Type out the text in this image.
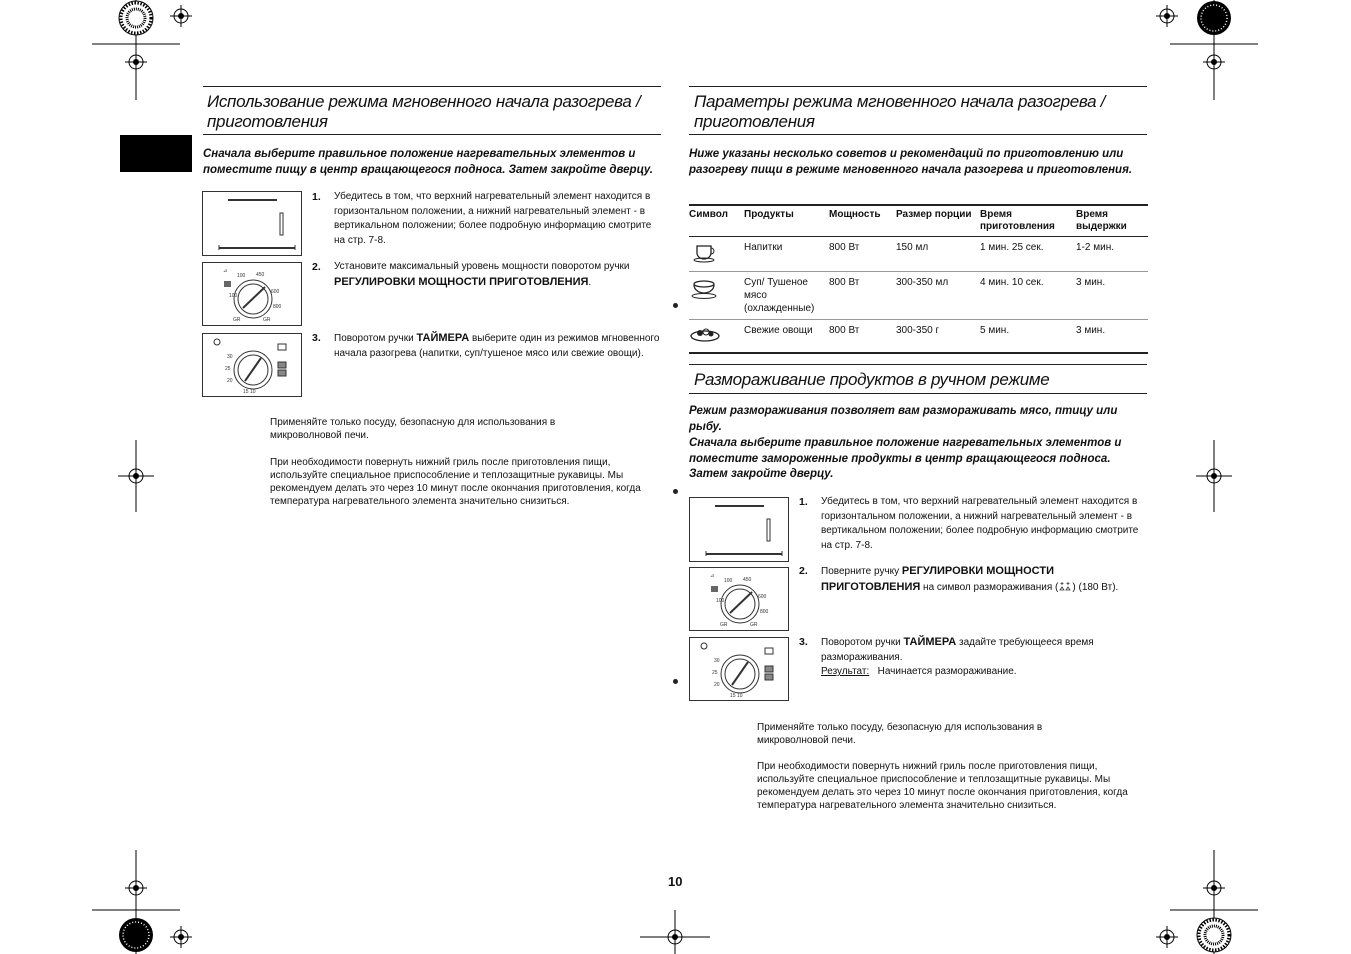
Использование режима мгновенного начала разогрева / приготовления
Сначала выберите правильное положение нагревательных элементов и поместите пищу в центр вращающегося подноса. Затем закройте дверцу.
⊿
100 450
100
600
800
GR	GR
30
25
20
15 10
1. Убедитесь в том, что верхний нагревательный элемент находится в горизонтальном положении, а нижний нагревательный элемент - в вертикальном положении; более подробную информацию смотрите на стр. 7-8.
2. Установите максимальный уровень мощности поворотом ручки РЕГУЛИРОВКИ МОЩНОСТИ ПРИГОТОВЛЕНИЯ.
3. Поворотом ручки ТАЙМЕРА выберите один из режимов мгновенного начала разогрева (напитки, суп/тушеное мясо или свежие овощи).
Применяйте только посуду, безопасную для использования в микроволновой печи.
При необходимости повернуть нижний гриль после приготовления пищи, используйте специальное приспособление и теплозащитные рукавицы. Мы рекомендуем делать это через 10 минут после окончания приготовления, когда температура нагревательного элемента значительно снизиться.
Параметры режима мгновенного начала разогрева / приготовления
Ниже указаны несколько советов и рекомендаций по приготовлению или разогреву пищи в режиме мгновенного начала разогрева и приготовления.
Символ	Продукты	Мощность	Размер порции	Время приготовления	Время выдержки
	Напитки	800 Вт	150 мл	1 мин. 25 сек.	1-2 мин.
	Суп/ Тушеное мясо (охлажденные)	800 Вт	300-350 мл	4 мин. 10 сек.	3 мин.
	Свежие овощи	800 Вт	300-350 г	5 мин.	3 мин.
Размораживание продуктов в ручном режиме
Режим размораживания позволяет вам размораживать мясо, птицу или рыбу.
Сначала выберите правильное положение нагревательных элементов и поместите замороженные продукты в центр вращающегося подноса. Затем закройте дверцу.
⊿
100 450
100
600
800
GR	GR
30
25
20
15 10
1. Убедитесь в том, что верхний нагревательный элемент находится в горизонтальном положении, а нижний нагревательный элемент - в вертикальном положении; более подробную информацию смотрите на стр. 7-8.
2. Поверните ручку РЕГУЛИРОВКИ МОЩНОСТИ ПРИГОТОВЛЕНИЯ на символ размораживания ( ) (180 Вт).
3. Поворотом ручки ТАЙМЕРА задайте требующееся время размораживания.
Результат: Начинается размораживание.
Применяйте только посуду, безопасную для использования в микроволновой печи.
При необходимости повернуть нижний гриль после приготовления пищи, используйте специальное приспособление и теплозащитные рукавицы. Мы рекомендуем делать это через 10 минут после окончания приготовления, когда температура нагревательного элемента значительно снизиться.
10
